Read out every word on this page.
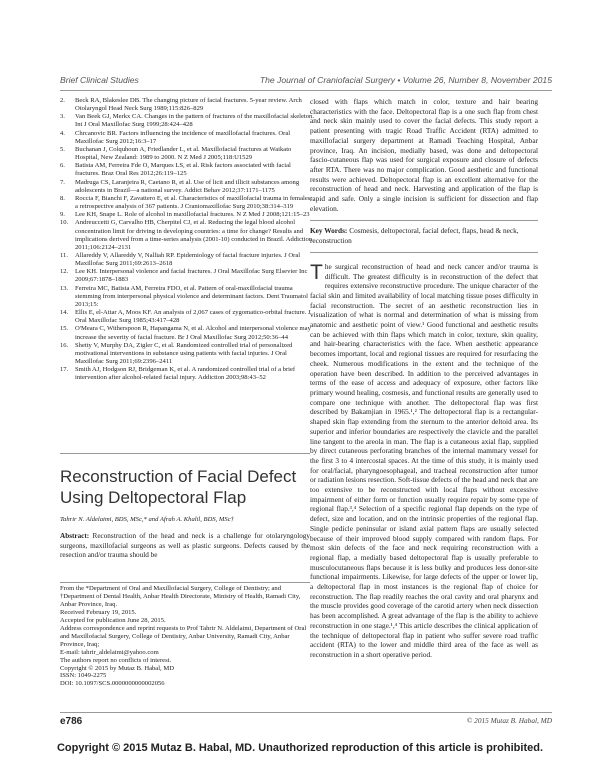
Brief Clinical Studies	The Journal of Craniofacial Surgery • Volume 26, Number 8, November 2015
2.	Beck RA, Blakeslee DB. The changing picture of facial fractures. 5-year review. Arch Otolaryngol Head Neck Surg 1989;115:826–829
3.	Van Beek GJ, Merkx CA. Changes in the pattern of fractures of the maxillofacial skeleton. Int J Oral Maxillofac Surg 1999;28:424–428
4.	Chrcanovic BR. Factors influencing the incidence of maxillofacial fractures. Oral Maxillofac Surg 2012;16:3–17
5.	Buchanan J, Colquhoun A, Friedlander L, et al. Maxillofacial fractures at Waikato Hospital, New Zealand: 1989 to 2000. N Z Med J 2005;118:U1529
6.	Batista AM, Ferreira Fde O, Marques LS, et al. Risk factors associated with facial fractures. Braz Oral Res 2012;26:119–125
7.	Madruga CS, Laranjeira R, Caetano R, et al. Use of licit and illicit substances among adolescents in Brazil—a national survey. Addict Behav 2012;37:1171–1175
8.	Roccia F, Bianchi F, Zavattero E, et al. Characteristics of maxillofacial trauma in females: a retrospective analysis of 367 patients. J Craniomaxillofac Surg 2010;38:314–319
9.	Lee KH, Snape L. Role of alcohol in maxillofacial fractures. N Z Med J 2008;121:15–23
10.	Andreuccetti G, Carvalho HB, Cherpitel CJ, et al. Reducing the legal blood alcohol concentration limit for driving in developing countries: a time for change? Results and implications derived from a time-series analysis (2001-10) conducted in Brazil. Addiction 2011;106:2124–2131
11.	Allareddy V, Allareddy V, Nalliah RP. Epidemiology of facial fracture injuries. J Oral Maxillofac Surg 2011;69:2613–2618
12.	Lee KH. Interpersonal violence and facial fractures. J Oral Maxillofac Surg Elsevier Inc 2009;67:1878–1883
13.	Ferreira MC, Batista AM, Ferreira FDO, et al. Pattern of oral-maxillofacial trauma stemming from interpersonal physical violence and determinant factors. Dent Traumatol 2013;15:
14.	Ellis E, el-Attar A, Moos KF. An analysis of 2,067 cases of zygomatico-orbital fracture. J Oral Maxillofac Surg 1985;43:417–428
15.	O'Meara C, Witherspoon R, Hapangama N, et al. Alcohol and interpersonal violence may increase the severity of facial fracture. Br J Oral Maxillofac Surg 2012;50:36–44
16.	Shetty V, Murphy DA, Zigler C, et al. Randomized controlled trial of personalized motivational interventions in substance using patients with facial injuries. J Oral Maxillofac Surg 2011;69:2396–2411
17.	Smith AJ, Hodgson RJ, Bridgeman K, et al. A randomized controlled trial of a brief intervention after alcohol-related facial injury. Addiction 2003;98:43–52
Reconstruction of Facial Defect Using Deltopectoral Flap
Tahrir N. Aldelaimi, BDS, MSc,* and Afrah A. Khalil, BDS, MSc†
Abstract: Reconstruction of the head and neck is a challenge for otolaryngology surgeons, maxillofacial surgeons as well as plastic surgeons. Defects caused by the resection and/or trauma should be
From the *Department of Oral and Maxillofacial Surgery, College of Dentistry; and †Department of Dental Health, Anbar Health Directorate, Ministry of Health, Ramadi City, Anbar Province, Iraq.
Received February 19, 2015.
Accepted for publication June 28, 2015.
Address correspondence and reprint requests to Prof Tahrir N. Aldelaimi, Department of Oral and Maxillofacial Surgery, College of Dentistry, Anbar University, Ramadi City, Anbar Province, Iraq;
E-mail: tahrir_aldelaimi@yahoo.com
The authors report no conflicts of interest.
Copyright © 2015 by Mutaz B. Habal, MD
ISSN: 1049-2275
DOI: 10.1097/SCS.0000000000002056
closed with flaps which match in color, texture and hair bearing characteristics with the face. Deltopectoral flap is a one such flap from chest and neck skin mainly used to cover the facial defects. This study report a patient presenting with tragic Road Traffic Accident (RTA) admitted to maxillofacial surgery department at Ramadi Teaching Hospital, Anbar province, Iraq. An incision, medially based, was done and deltopectoral fascio-cutaneous flap was used for surgical exposure and closure of defects after RTA. There was no major complication. Good aesthetic and functional results were achieved. Deltopectoral flap is an excellent alternative for the reconstruction of head and neck. Harvesting and application of the flap is rapid and safe. Only a single incision is sufficient for dissection and flap elevation.
Key Words: Cosmesis, deltopectoral, facial defect, flaps, head & neck, reconstruction
T he surgical reconstruction of head and neck cancer and/or trauma is difficult. The greatest difficulty is in reconstruction of the defect that requires extensive reconstructive procedure. The unique character of the facial skin and limited availability of local matching tissue poses difficulty in facial reconstruction. The secret of an aesthetic reconstruction lies in visualization of what is normal and determination of what is missing from anatomic and aesthetic point of view.¹ Good functional and aesthetic results can be achieved with thin flaps which match in color, texture, skin quality, and hair-bearing characteristics with the face. When aesthetic appearance becomes important, local and regional tissues are required for resurfacing the cheek. Numerous modifications in the extent and the technique of the operation have been described. In addition to the perceived advantages in terms of the ease of access and adequacy of exposure, other factors like primary wound healing, cosmesis, and functional results are generally used to compare one technique with another. The deltopectoral flap was first described by Bakamjian in 1965.¹,² The deltopectoral flap is a rectangular-shaped skin flap extending from the sternum to the anterior deltoid area. Its superior and inferior boundaries are respectively the clavicle and the parallel line tangent to the areola in man. The flap is a cutaneous axial flap, supplied by direct cutaneous perforating branches of the internal mammary vessel for the first 3 to 4 intercostal spaces. At the time of this study, it is mainly used for oral/facial, pharyngoesophageal, and tracheal reconstruction after tumor or radiation lesions resection. Soft-tissue defects of the head and neck that are too extensive to be reconstructed with local flaps without excessive impairment of either form or function usually require repair by some type of regional flap.³,⁴ Selection of a specific regional flap depends on the type of defect, size and location, and on the intrinsic properties of the regional flap. Single pedicle peninsular or island axial pattern flaps are usually selected because of their improved blood supply compared with random flaps. For most skin defects of the face and neck requiring reconstruction with a regional flap, a medially based deltopectoral flap is usually preferable to musculocutaneous flaps because it is less bulky and produces less donor-site functional impairments. Likewise, for large defects of the upper or lower lip, a deltopectoral flap in most instances is the regional flap of choice for reconstruction. The flap readily reaches the oral cavity and oral pharynx and the muscle provides good coverage of the carotid artery when neck dissection has been accomplished. A great advantage of the flap is the ability to achieve reconstruction in one stage.¹,⁴ This article describes the clinical application of the technique of deltopectoral flap in patient who suffer severe road traffic accident (RTA) to the lower and middle third area of the face as well as reconstruction in a short operative period.
e786	© 2015 Mutaz B. Habal, MD
Copyright © 2015 Mutaz B. Habal, MD. Unauthorized reproduction of this article is prohibited.
